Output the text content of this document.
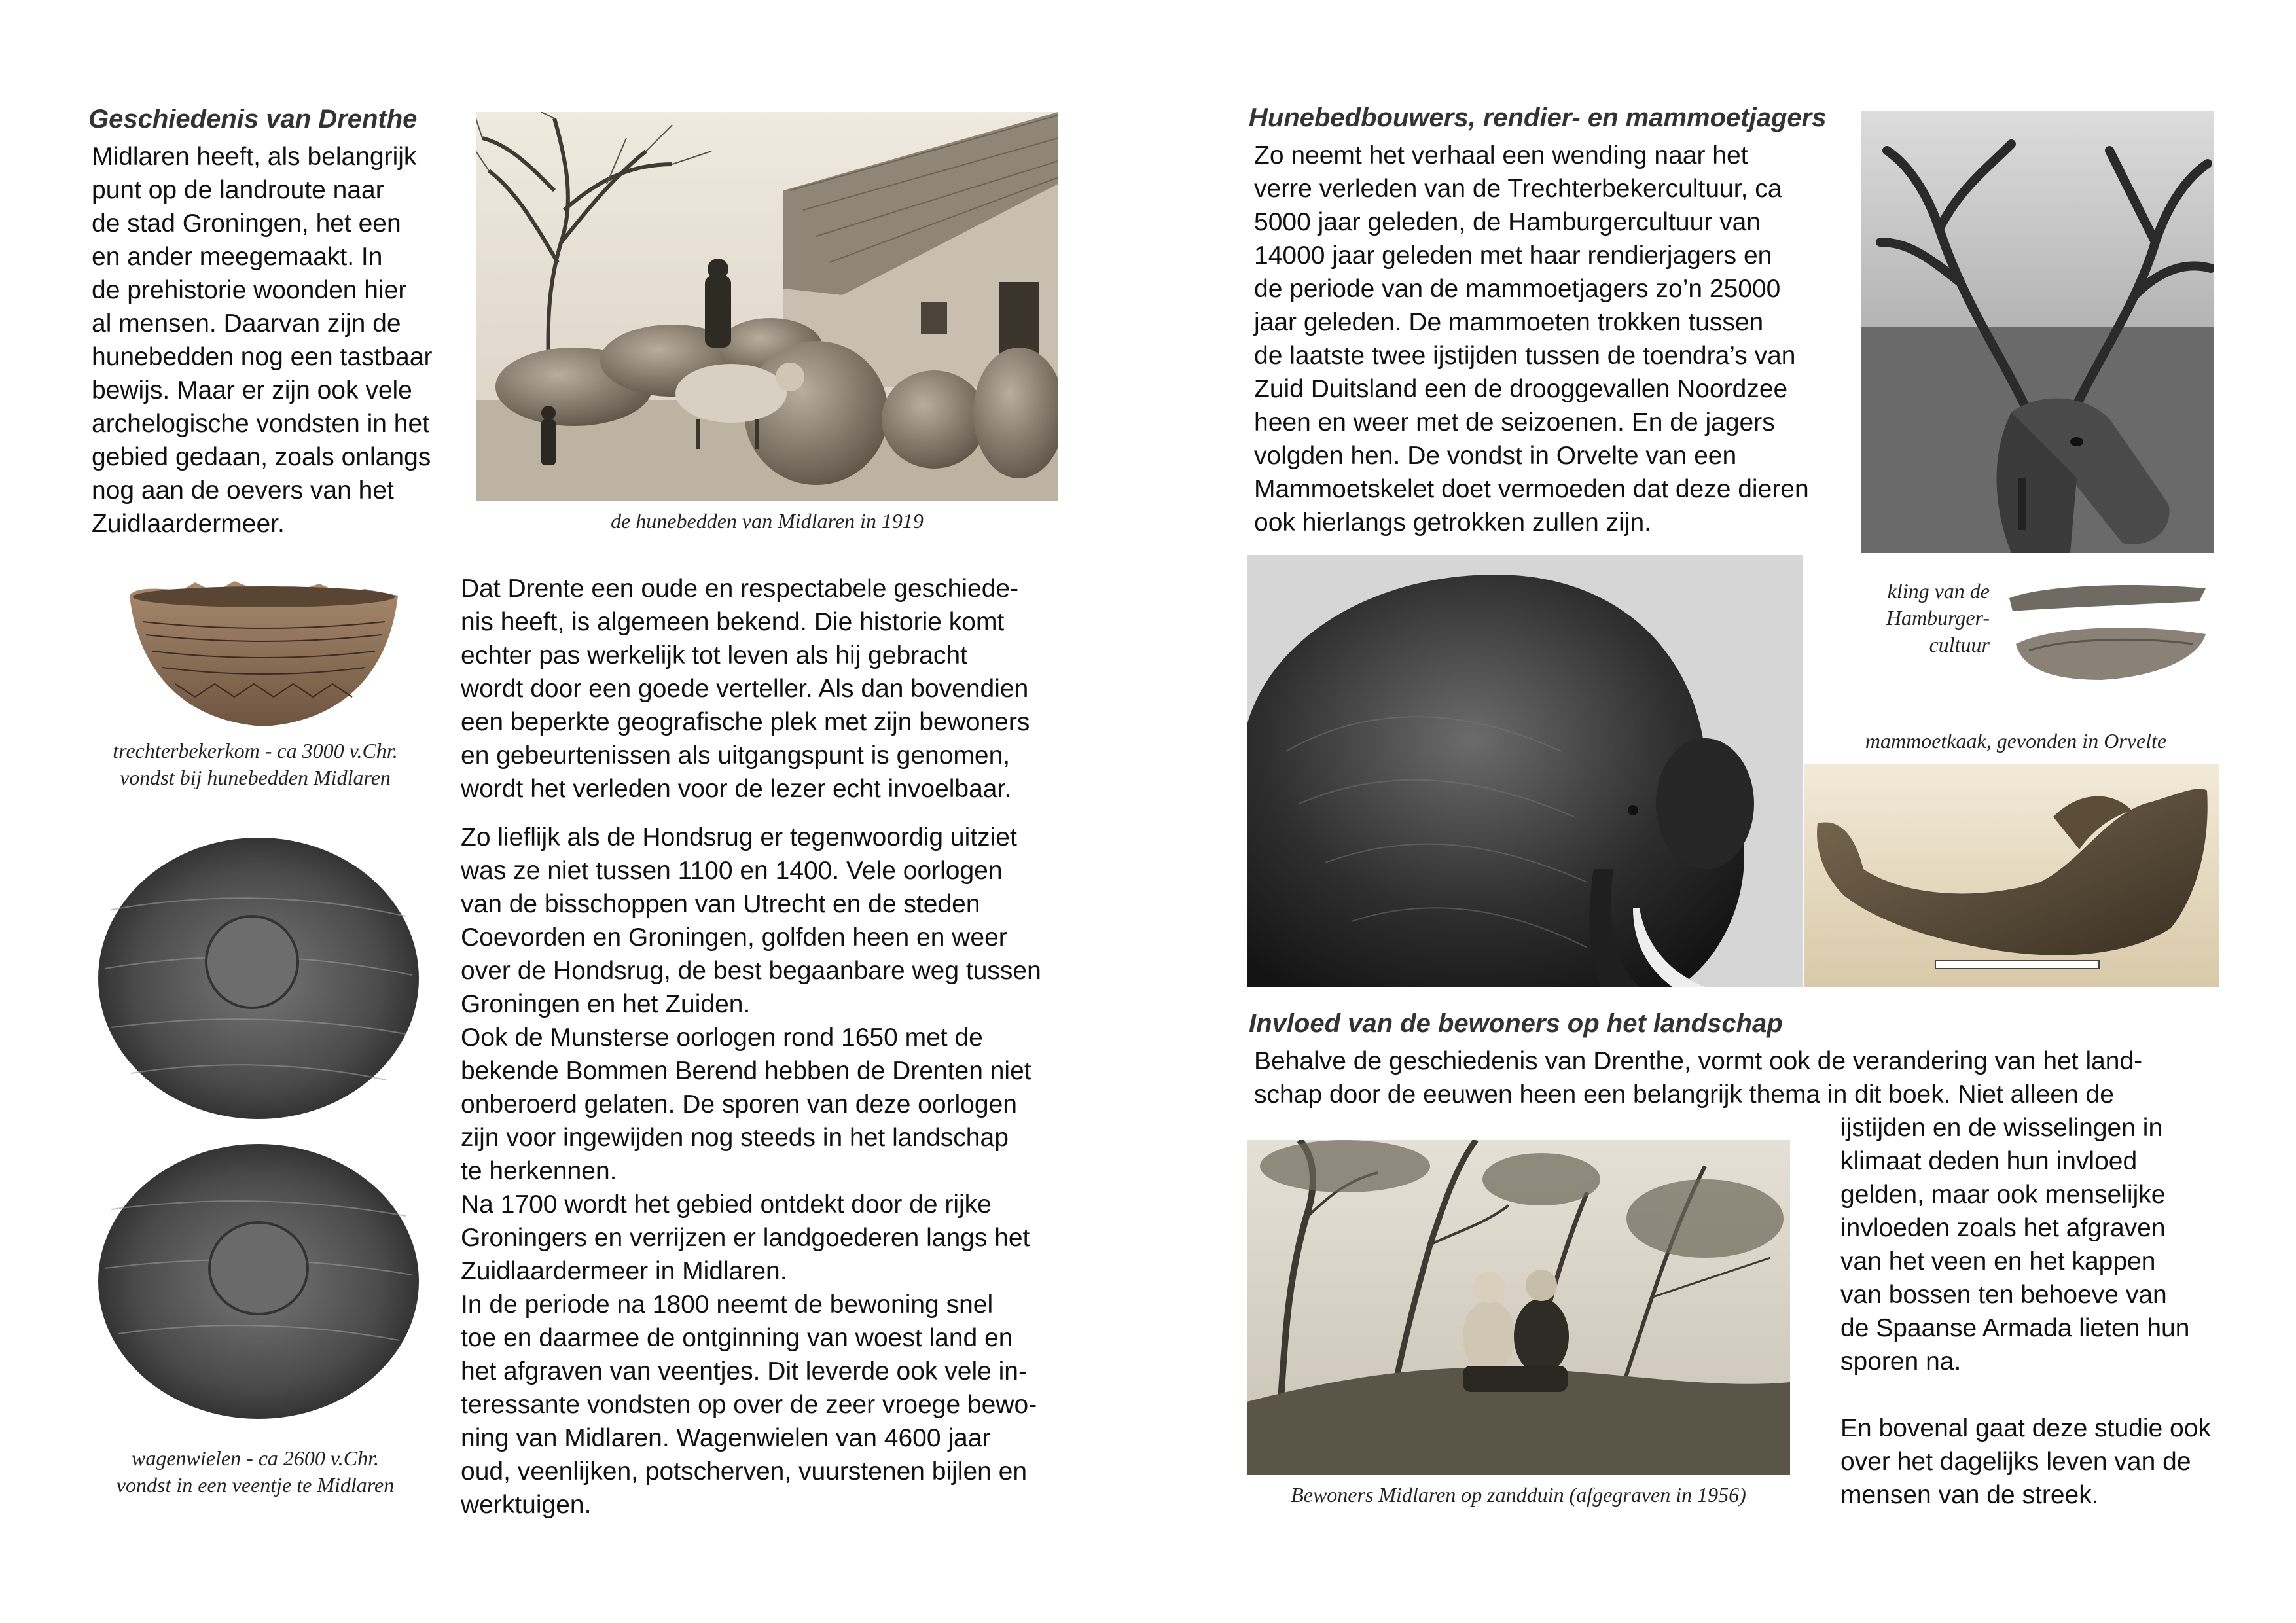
Geschiedenis van Drenthe
Midlaren heeft, als belangrijk
punt op de landroute naar
de stad Groningen, het een
en ander meegemaakt. In
de prehistorie woonden hier
al mensen. Daarvan zijn de
hunebedden nog een tastbaar
bewijs. Maar er zijn ook vele
archelogische vondsten in het
gebied gedaan, zoals onlangs
nog aan de oevers van het
Zuidlaardermeer.	de hunebedden van Midlaren in 1919

trechterbekerkom - ca 3000 v.Chr.
vondst bij hunebedden Midlaren
wagenwielen - ca 2600 v.Chr.
vondst in een veentje te Midlaren
Dat Drente een oude en respectabele geschiede-
nis heeft, is algemeen bekend. Die historie komt
echter pas werkelijk tot leven als hij gebracht
wordt door een goede verteller. Als dan bovendien
een beperkte geografische plek met zijn bewoners
en gebeurtenissen als uitgangspunt is genomen,
wordt het verleden voor de lezer echt invoelbaar.
Zo lieflijk als de Hondsrug er tegenwoordig uitziet
was ze niet tussen 1100 en 1400. Vele oorlogen
van de bisschoppen van Utrecht en de steden
Coevorden en Groningen, golfden heen en weer
over de Hondsrug, de best begaanbare weg tussen
Groningen en het Zuiden.
Ook de Munsterse oorlogen rond 1650 met de
bekende Bommen Berend hebben de Drenten niet
onberoerd gelaten. De sporen van deze oorlogen
zijn voor ingewijden nog steeds in het landschap
te herkennen.
Na 1700 wordt het gebied ontdekt door de rijke
Groningers en verrijzen er landgoederen langs het
Zuidlaardermeer in Midlaren.
In de periode na 1800 neemt de bewoning snel
toe en daarmee de ontginning van woest land en
het afgraven van veentjes. Dit leverde ook vele in-
teressante vondsten op over de zeer vroege bewo-
ning van Midlaren. Wagenwielen van 4600 jaar
oud, veenlijken, potscherven, vuurstenen bijlen en
werktuigen.
Hunebedbouwers, rendier- en mammoetjagers
Zo neemt het verhaal een wending naar het
verre verleden van de Trechterbekercultuur, ca
5000 jaar geleden, de Hamburgercultuur van
14000 jaar geleden met haar rendierjagers en
de periode van de mammoetjagers zo’n 25000
jaar geleden. De mammoeten trokken tussen
de laatste twee ijstijden tussen de toendra’s van
Zuid Duitsland een de drooggevallen Noordzee
heen en weer met de seizoenen. En de jagers
volgden hen. De vondst in Orvelte van een
Mammoetskelet doet vermoeden dat deze dieren
ook hierlangs getrokken zullen zijn.
kling van de
Hamburger-
cultuur

mammoetkaak, gevonden in Orvelte

Invloed van de bewoners op het landschap
Behalve de geschiedenis van Drenthe, vormt ook de verandering van het land-
schap door de eeuwen heen een belangrijk thema in dit boek. Niet alleen de

Bewoners Midlaren op zandduin (afgegraven in 1956)

ijstijden en de wisselingen in
klimaat deden hun invloed
gelden, maar ook menselijke
invloeden zoals het afgraven
van het veen en het kappen
van bossen ten behoeve van
de Spaanse Armada lieten hun
sporen na.
En bovenal gaat deze studie ook
over het dagelijks leven van de
mensen van de streek.
